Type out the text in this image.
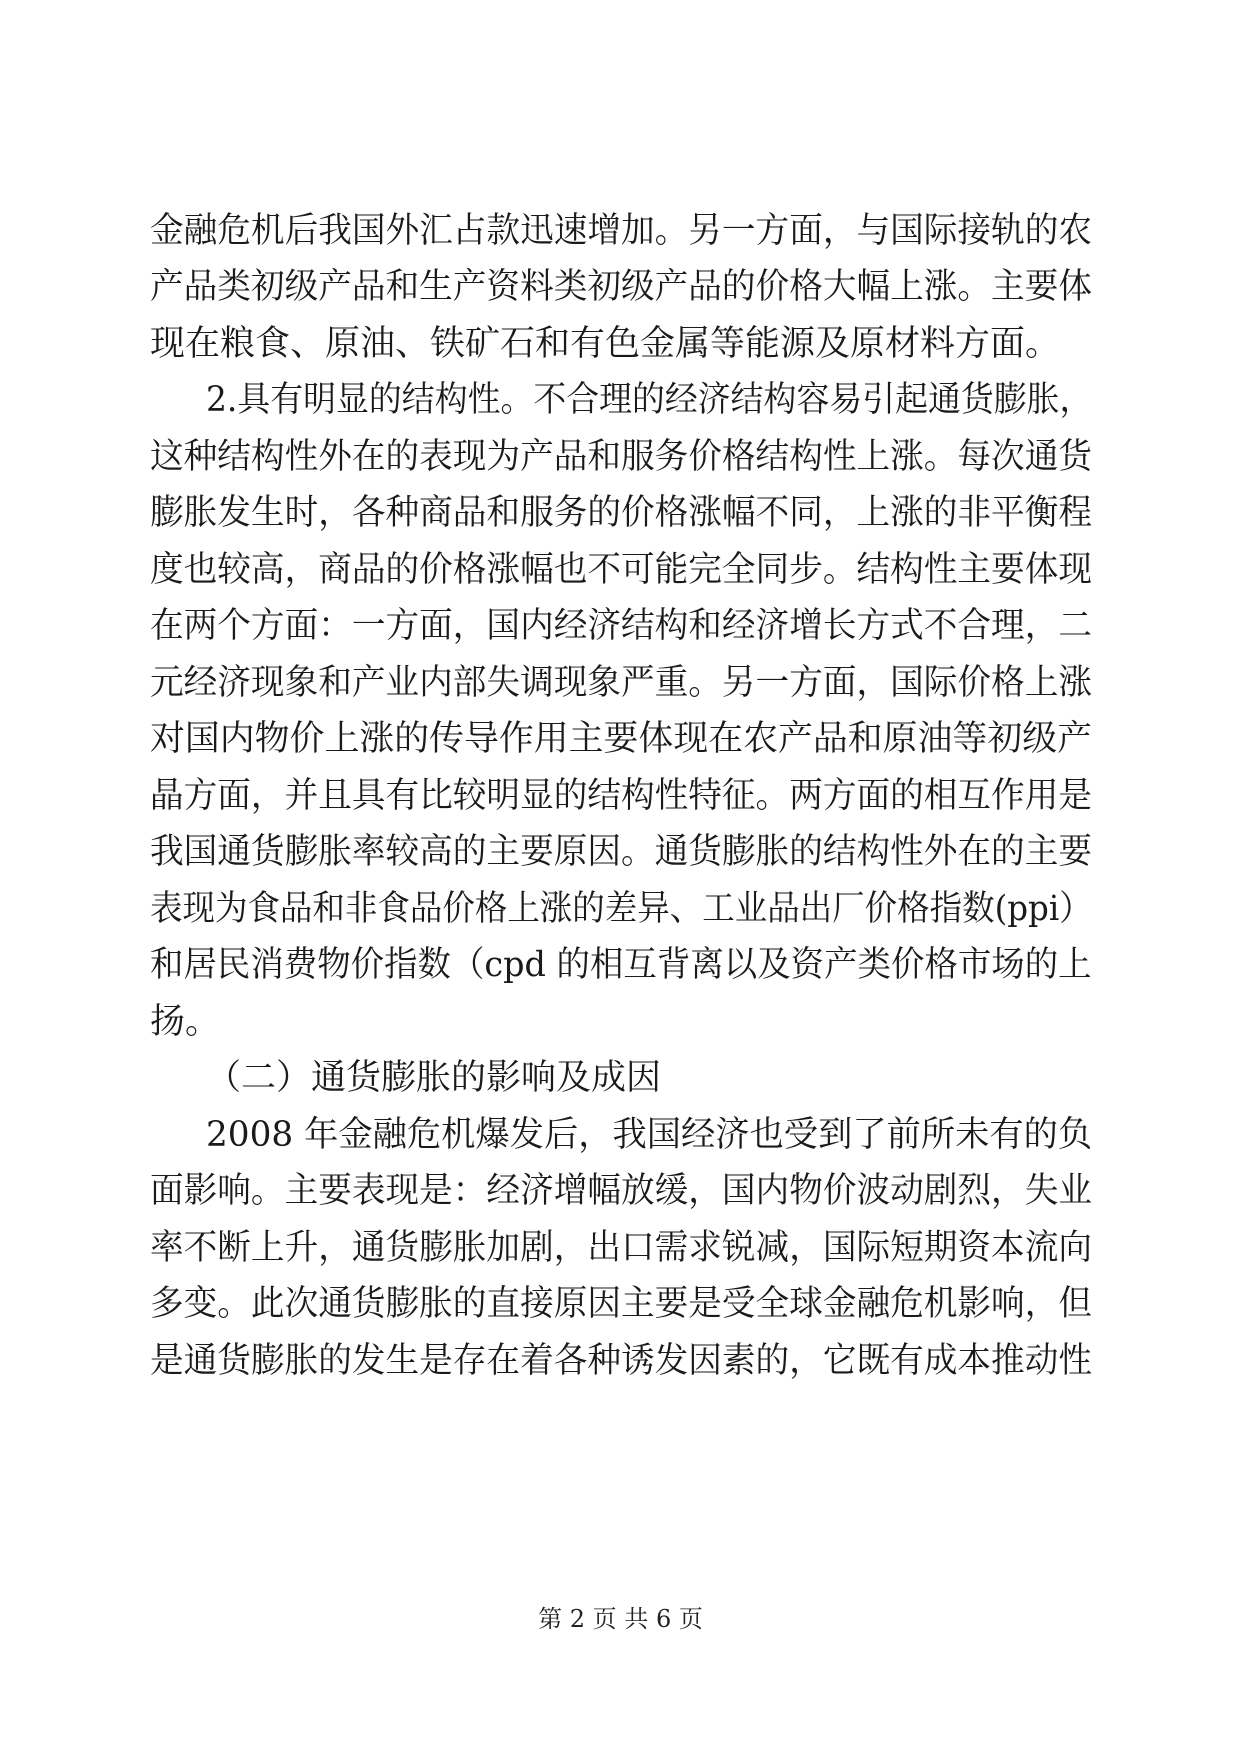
金融危机后我国外汇占款迅速增加。另一方面，与国际接轨的农
产品类初级产品和生产资料类初级产品的价格大幅上涨。主要体
现在粮食、原油、铁矿石和有色金属等能源及原材料方面。
2.具有明显的结构性。不合理的经济结构容易引起通货膨胀，
这种结构性外在的表现为产品和服务价格结构性上涨。每次通货
膨胀发生时，各种商品和服务的价格涨幅不同，上涨的非平衡程
度也较高，商品的价格涨幅也不可能完全同步。结构性主要体现
在两个方面：一方面，国内经济结构和经济增长方式不合理，二
元经济现象和产业内部失调现象严重。另一方面，国际价格上涨
对国内物价上涨的传导作用主要体现在农产品和原油等初级产
晶方面，并且具有比较明显的结构性特征。两方面的相互作用是
我国通货膨胀率较高的主要原因。通货膨胀的结构性外在的主要
表现为食品和非食品价格上涨的差异、工业品出厂价格指数(ppi）
和居民消费物价指数（cpd 的相互背离以及资产类价格市场的上
扬。
（二）通货膨胀的影响及成因
2008 年金融危机爆发后，我国经济也受到了前所未有的负
面影响。主要表现是：经济增幅放缓，国内物价波动剧烈，失业
率不断上升，通货膨胀加剧，出口需求锐减，国际短期资本流向
多变。此次通货膨胀的直接原因主要是受全球金融危机影响，但
是通货膨胀的发生是存在着各种诱发因素的，它既有成本推动性
第 2 页 共 6 页
